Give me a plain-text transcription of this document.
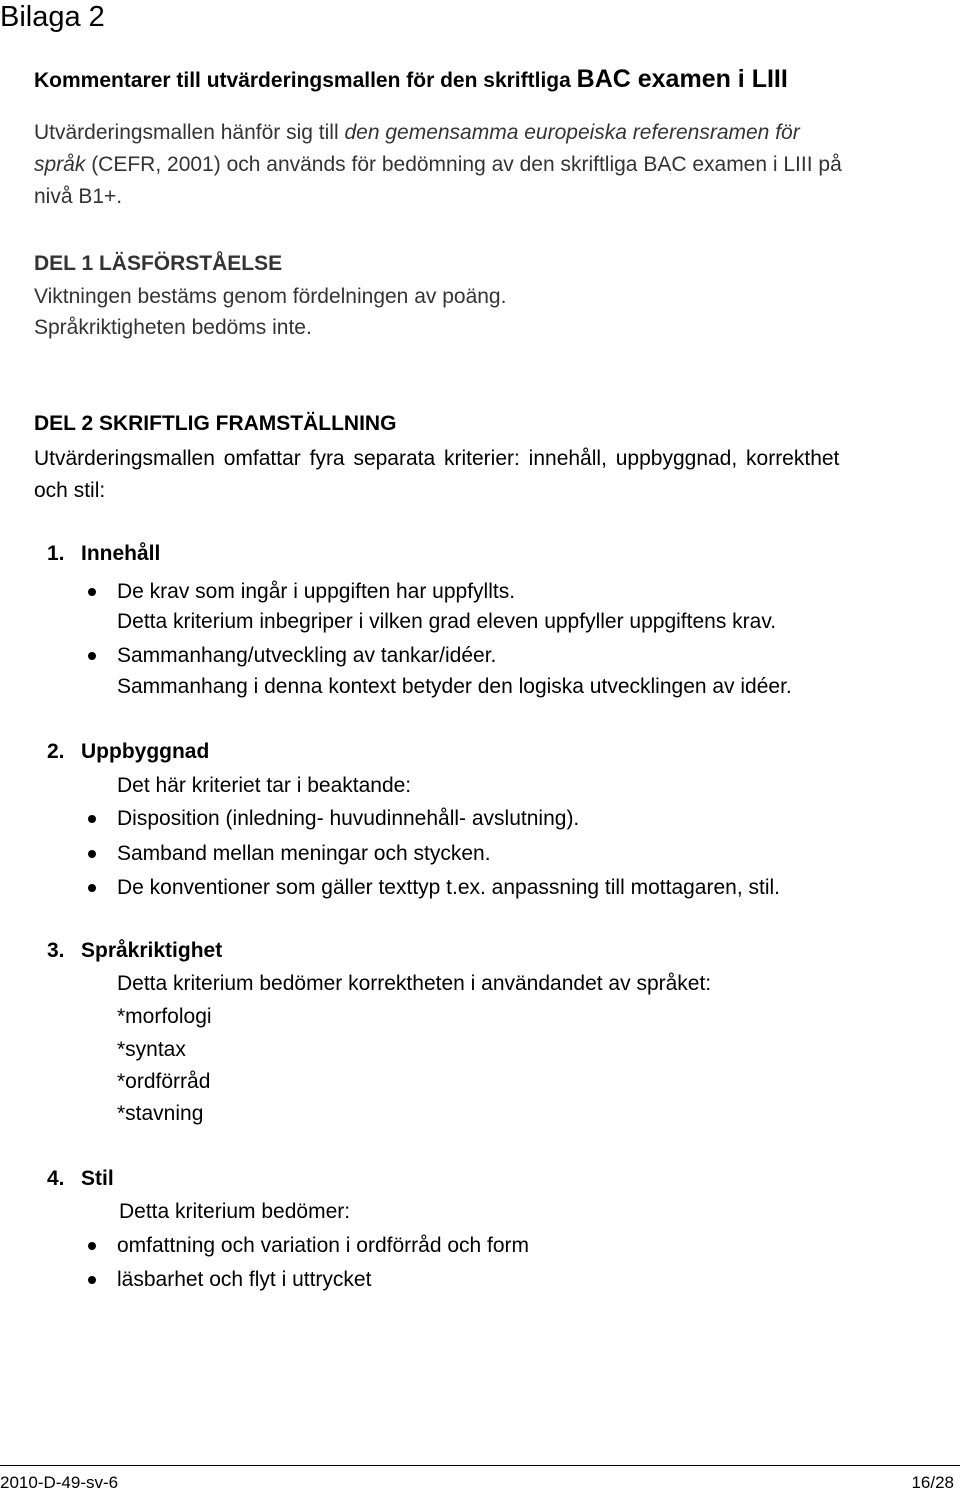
Bilaga 2
Kommentarer till utvärderingsmallen för den skriftliga BAC examen i LIII
Utvärderingsmallen hänför sig till den gemensamma europeiska referensramen för
språk (CEFR, 2001) och används för bedömning av den skriftliga BAC examen i LIII på
nivå B1+.
DEL 1 LÄSFÖRSTÅELSE
Viktningen bestäms genom fördelningen av poäng.
Språkriktigheten bedöms inte.
DEL 2 SKRIFTLIG FRAMSTÄLLNING
Utvärderingsmallen omfattar fyra separata kriterier: innehåll, uppbyggnad, korrekthet
och stil:
1. Innehåll
De krav som ingår i uppgiften har uppfyllts.
Detta kriterium inbegriper i vilken grad eleven uppfyller uppgiftens krav.
Sammanhang/utveckling av tankar/idéer.
Sammanhang i denna kontext betyder den logiska utvecklingen av idéer.
2. Uppbyggnad
Det här kriteriet tar i beaktande:
Disposition (inledning- huvudinnehåll- avslutning).
Samband mellan meningar och stycken.
De konventioner som gäller texttyp t.ex. anpassning till mottagaren, stil.
3. Språkriktighet
Detta kriterium bedömer korrektheten i användandet av språket:
*morfologi
*syntax
*ordförråd
*stavning
4. Stil
Detta kriterium bedömer:
omfattning och variation i ordförråd och form
läsbarhet och flyt i uttrycket
2010-D-49-sv-6	16/28
